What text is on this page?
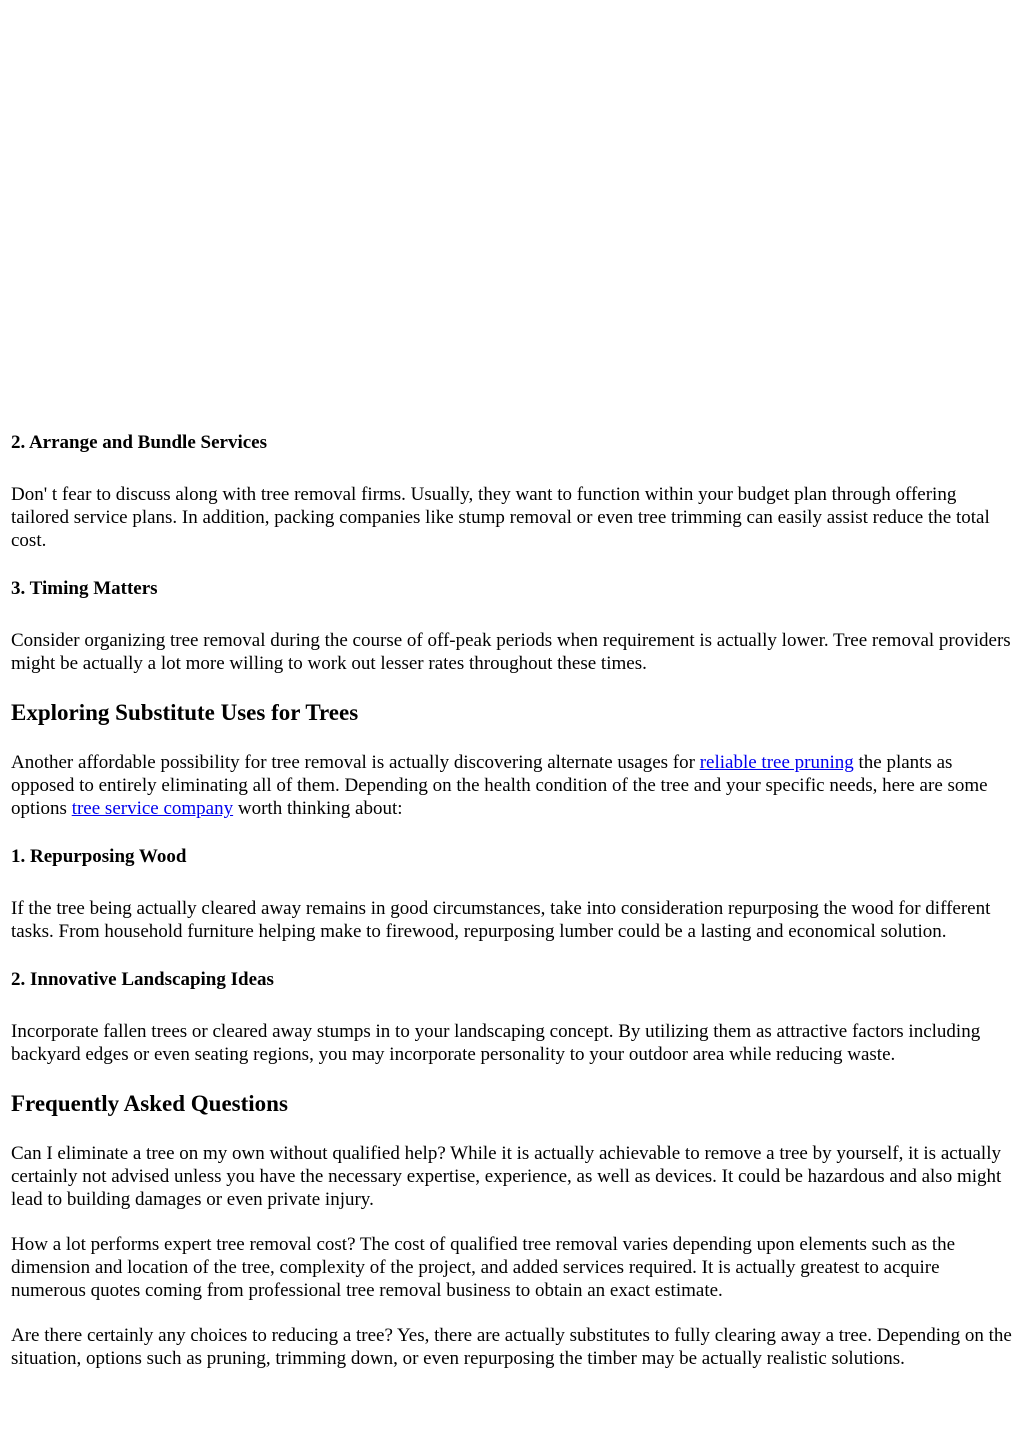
2. Arrange and Bundle Services

Don' t fear to discuss along with tree removal firms. Usually, they want to function within your budget plan through offering tailored service plans. In addition, packing companies like stump removal or even tree trimming can easily assist reduce the total cost.

3. Timing Matters

Consider organizing tree removal during the course of off-peak periods when requirement is actually lower. Tree removal providers might be actually a lot more willing to work out lesser rates throughout these times.

Exploring Substitute Uses for Trees

Another affordable possibility for tree removal is actually discovering alternate usages for reliable tree pruning the plants as opposed to entirely eliminating all of them. Depending on the health condition of the tree and your specific needs, here are some options tree service company worth thinking about:

1. Repurposing Wood

If the tree being actually cleared away remains in good circumstances, take into consideration repurposing the wood for different tasks. From household furniture helping make to firewood, repurposing lumber could be a lasting and economical solution.

2. Innovative Landscaping Ideas

Incorporate fallen trees or cleared away stumps in to your landscaping concept. By utilizing them as attractive factors including backyard edges or even seating regions, you may incorporate personality to your outdoor area while reducing waste.

Frequently Asked Questions

Can I eliminate a tree on my own without qualified help? While it is actually achievable to remove a tree by yourself, it is actually certainly not advised unless you have the necessary expertise, experience, as well as devices. It could be hazardous and also might lead to building damages or even private injury.

How a lot performs expert tree removal cost? The cost of qualified tree removal varies depending upon elements such as the dimension and location of the tree, complexity of the project, and added services required. It is actually greatest to acquire numerous quotes coming from professional tree removal business to obtain an exact estimate.

Are there certainly any choices to reducing a tree? Yes, there are actually substitutes to fully clearing away a tree. Depending on the situation, options such as pruning, trimming down, or even repurposing the timber may be actually realistic solutions.
